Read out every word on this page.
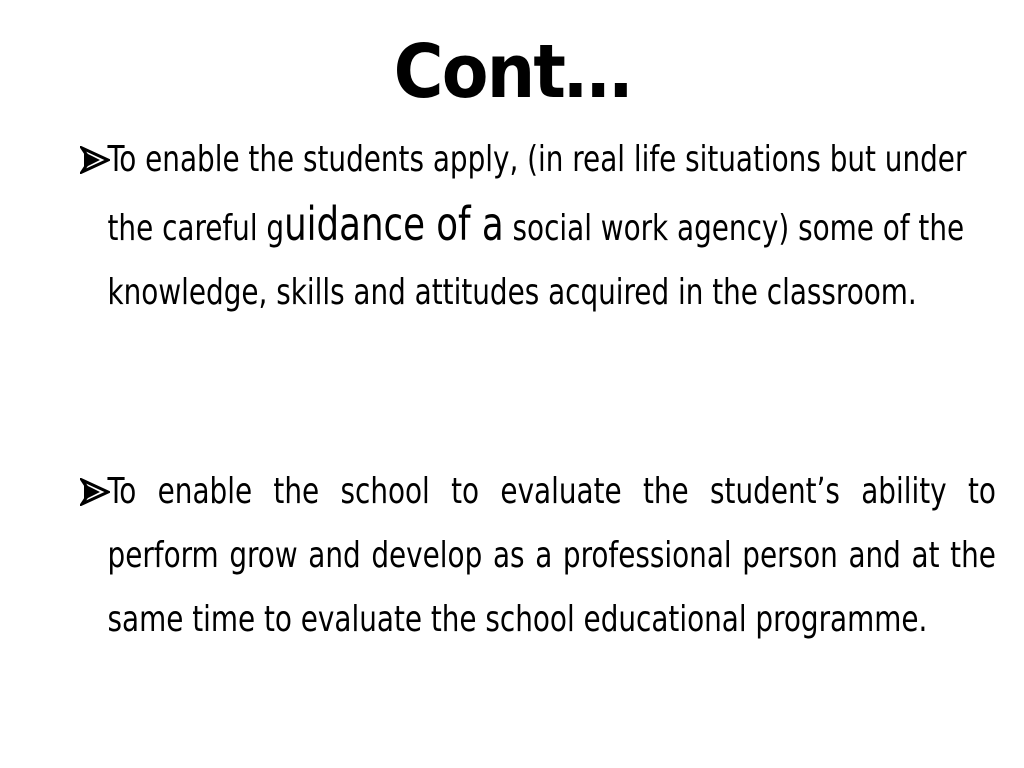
Cont…
To enable the students apply, (in real life situations but under the careful guidance of a social work agency) some of the knowledge, skills and attitudes acquired in the classroom.
To enable the school to evaluate the student’s ability to perform grow and develop as a professional person and at the same time to evaluate the school educational programme.
